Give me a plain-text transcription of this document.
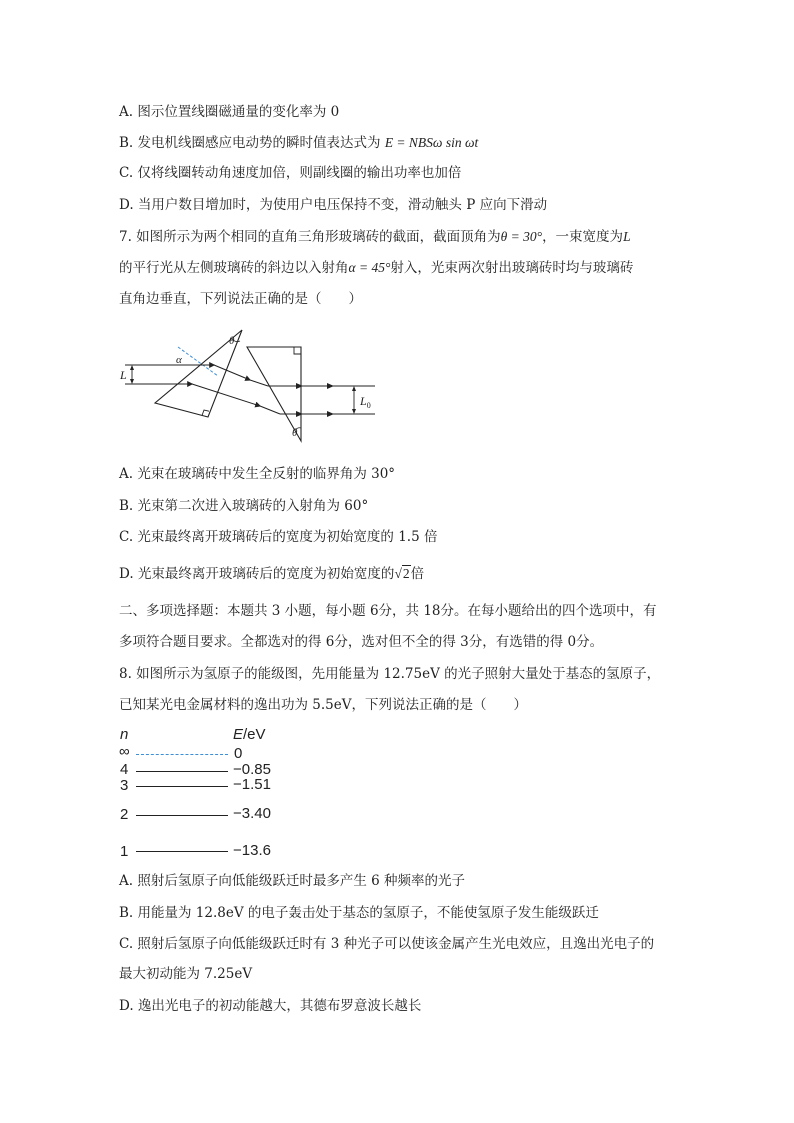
A. 图示位置线圈磁通量的变化率为 0
B. 发电机线圈感应电动势的瞬时值表达式为 E = NBSω sin ωt
C. 仅将线圈转动角速度加倍，则副线圈的输出功率也加倍
D. 当用户数目增加时，为使用户电压保持不变，滑动触头 P 应向下滑动
7. 如图所示为两个相同的直角三角形玻璃砖的截面，截面顶角为θ = 30°，一束宽度为L
的平行光从左侧玻璃砖的斜边以入射角α = 45°射入，光束两次射出玻璃砖时均与玻璃砖
直角边垂直，下列说法正确的是（　　）
θ
α
L
$L_0$
θ
A. 光束在玻璃砖中发生全反射的临界角为 30°
B. 光束第二次进入玻璃砖的入射角为 60°
C. 光束最终离开玻璃砖后的宽度为初始宽度的 1.5 倍
D. 光束最终离开玻璃砖后的宽度为初始宽度的√2倍
二、多项选择题：本题共 3 小题，每小题 6分，共 18分。在每小题给出的四个选项中，有
多项符合题目要求。全都选对的得 6分，选对但不全的得 3分，有选错的得 0分。
8. 如图所示为氢原子的能级图，先用能量为 12.75eV 的光子照射大量处于基态的氢原子，
已知某光电金属材料的逸出功为 5.5eV，下列说法正确的是（　　）
n	E/eV
∞	0
4	−0.85
3	−1.51
2	−3.40
1	−13.6
A. 照射后氢原子向低能级跃迁时最多产生 6 种频率的光子
B. 用能量为 12.8eV 的电子轰击处于基态的氢原子，不能使氢原子发生能级跃迁
C. 照射后氢原子向低能级跃迁时有 3 种光子可以使该金属产生光电效应，且逸出光电子的
最大初动能为 7.25eV
D. 逸出光电子的初动能越大，其德布罗意波长越长
